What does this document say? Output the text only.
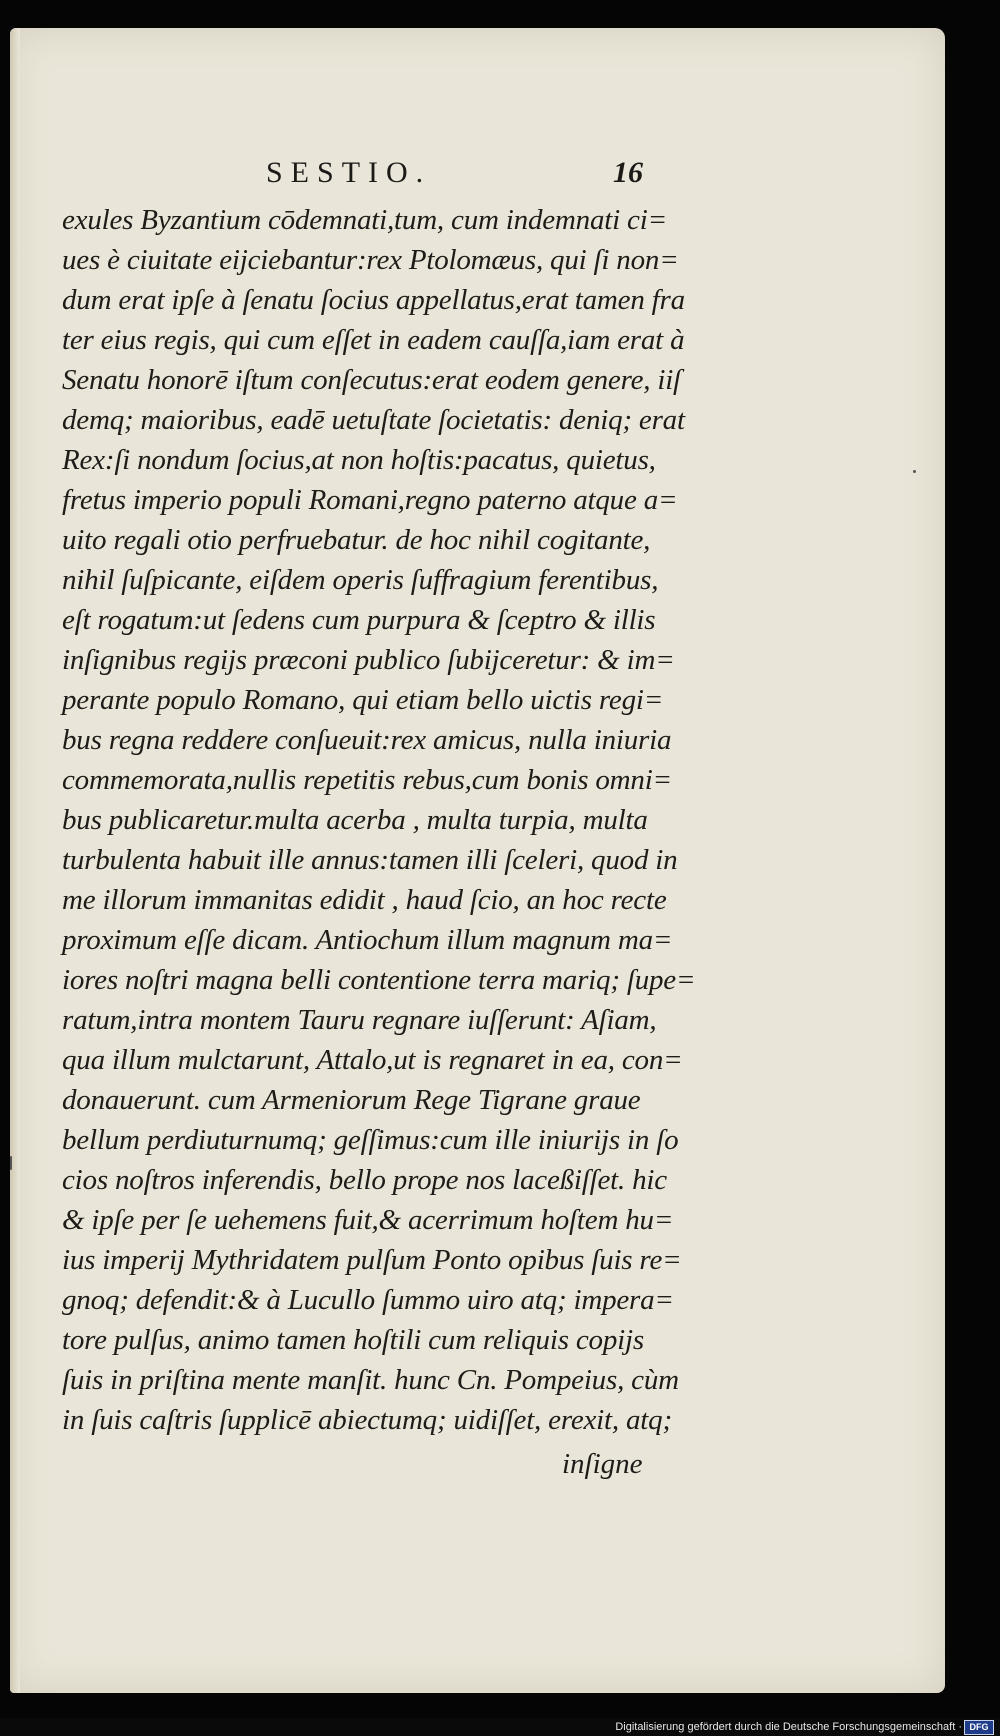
SESTIO.	16
exules Byzantium cōdemnati,tum, cum indemnati ci=
ues è ciuitate eijciebantur:rex Ptolomæus, qui ſi non=
dum erat ipſe à ſenatu ſocius appellatus,erat tamen fra
ter eius regis, qui cum eſſet in eadem cauſſa,iam erat à
Senatu honorē iſtum conſecutus:erat eodem genere, iiſ
demq; maioribus, eadē uetuſtate ſocietatis: deniq; erat
Rex:ſi nondum ſocius,at non hoſtis:pacatus, quietus,
fretus imperio populi Romani,regno paterno atque a=
uito regali otio perfruebatur. de hoc nihil cogitante,
nihil ſuſpicante, eiſdem operis ſuffragium ferentibus,
eſt rogatum:ut ſedens cum purpura & ſceptro & illis
inſignibus regijs præconi publico ſubijceretur: & im=
perante populo Romano, qui etiam bello uictis regi=
bus regna reddere conſueuit:rex amicus, nulla iniuria
commemorata,nullis repetitis rebus,cum bonis omni=
bus publicaretur.multa acerba , multa turpia, multa
turbulenta habuit ille annus:tamen illi ſceleri, quod in
me illorum immanitas edidit , haud ſcio, an hoc recte
proximum eſſe dicam. Antiochum illum magnum ma=
iores noſtri magna belli contentione terra mariq; ſupe=
ratum,intra montem Tauru regnare iuſſerunt: Aſiam,
qua illum mulctarunt, Attalo,ut is regnaret in ea, con=
donauerunt. cum Armeniorum Rege Tigrane graue
bellum perdiuturnumq; geſſimus:cum ille iniurijs in ſo
cios noſtros inferendis, bello prope nos laceßiſſet. hic
& ipſe per ſe uehemens fuit,& acerrimum hoſtem hu=
ius imperij Mythridatem pulſum Ponto opibus ſuis re=
gnoq; defendit:& à Lucullo ſummo uiro atq; impera=
tore pulſus, animo tamen hoſtili cum reliquis copijs
ſuis in priſtina mente manſit. hunc Cn. Pompeius, cùm
in ſuis caſtris ſupplicē abiectumq; uidiſſet, erexit, atq;
inſigne
Digitalisierung gefördert durch die Deutsche Forschungsgemeinschaft · DFG
